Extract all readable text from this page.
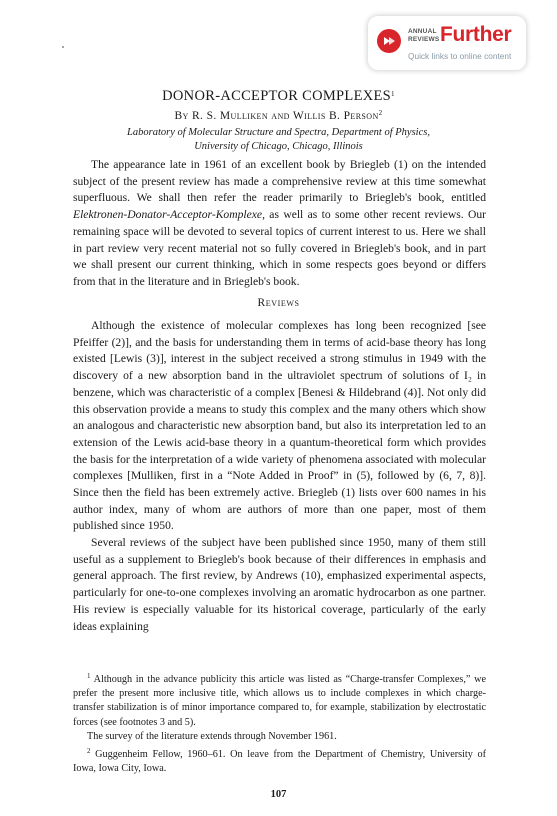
ANNUAL
REVIEWS Further
Quick links to online content
DONOR-ACCEPTOR COMPLEXES$^1$
By R. S. Mulliken and Willis B. Person$^2$
Laboratory of Molecular Structure and Spectra, Department of Physics,
University of Chicago, Chicago, Illinois

The appearance late in 1961 of an excellent book by Briegleb (1) on the intended subject of the present review has made a comprehensive review at this time somewhat superfluous. We shall then refer the reader primarily to Briegleb's book, entitled Elektronen-Donator-Acceptor-Komplexe, as well as to some other recent reviews. Our remaining space will be devoted to several topics of current interest to us. Here we shall in part review very recent material not so fully covered in Briegleb's book, and in part we shall present our current thinking, which in some respects goes beyond or differs from that in the literature and in Briegleb's book.

Reviews

Although the existence of molecular complexes has long been recognized [see Pfeiffer (2)], and the basis for understanding them in terms of acid-base theory has long existed [Lewis (3)], interest in the subject received a strong stimulus in 1949 with the discovery of a new absorption band in the ultraviolet spectrum of solutions of I₂ in benzene, which was characteristic of a complex [Benesi & Hildebrand (4)]. Not only did this observation provide a means to study this complex and the many others which show an analogous and characteristic new absorption band, but also its interpretation led to an extension of the Lewis acid-base theory in a quantum-theoretical form which provides the basis for the interpretation of a wide variety of phenomena associated with molecular complexes [Mulliken, first in a “Note Added in Proof” in (5), followed by (6, 7, 8)]. Since then the field has been extremely active. Briegleb (1) lists over 600 names in his author index, many of whom are authors of more than one paper, most of them published since 1950.

Several reviews of the subject have been published since 1950, many of them still useful as a supplement to Briegleb's book because of their differences in emphasis and general approach. The first review, by Andrews (10), emphasized experimental aspects, particularly for one-to-one complexes involving an aromatic hydrocarbon as one partner. His review is especially valuable for its historical coverage, particularly of the early ideas explaining

$^1$ Although in the advance publicity this article was listed as “Charge-transfer Complexes,” we prefer the present more inclusive title, which allows us to include complexes in which charge-transfer stabilization is of minor importance compared to, for example, stabilization by electrostatic forces (see footnotes 3 and 5).

The survey of the literature extends through November 1961.

$^2$ Guggenheim Fellow, 1960–61. On leave from the Department of Chemistry, University of Iowa, Iowa City, Iowa.

107
